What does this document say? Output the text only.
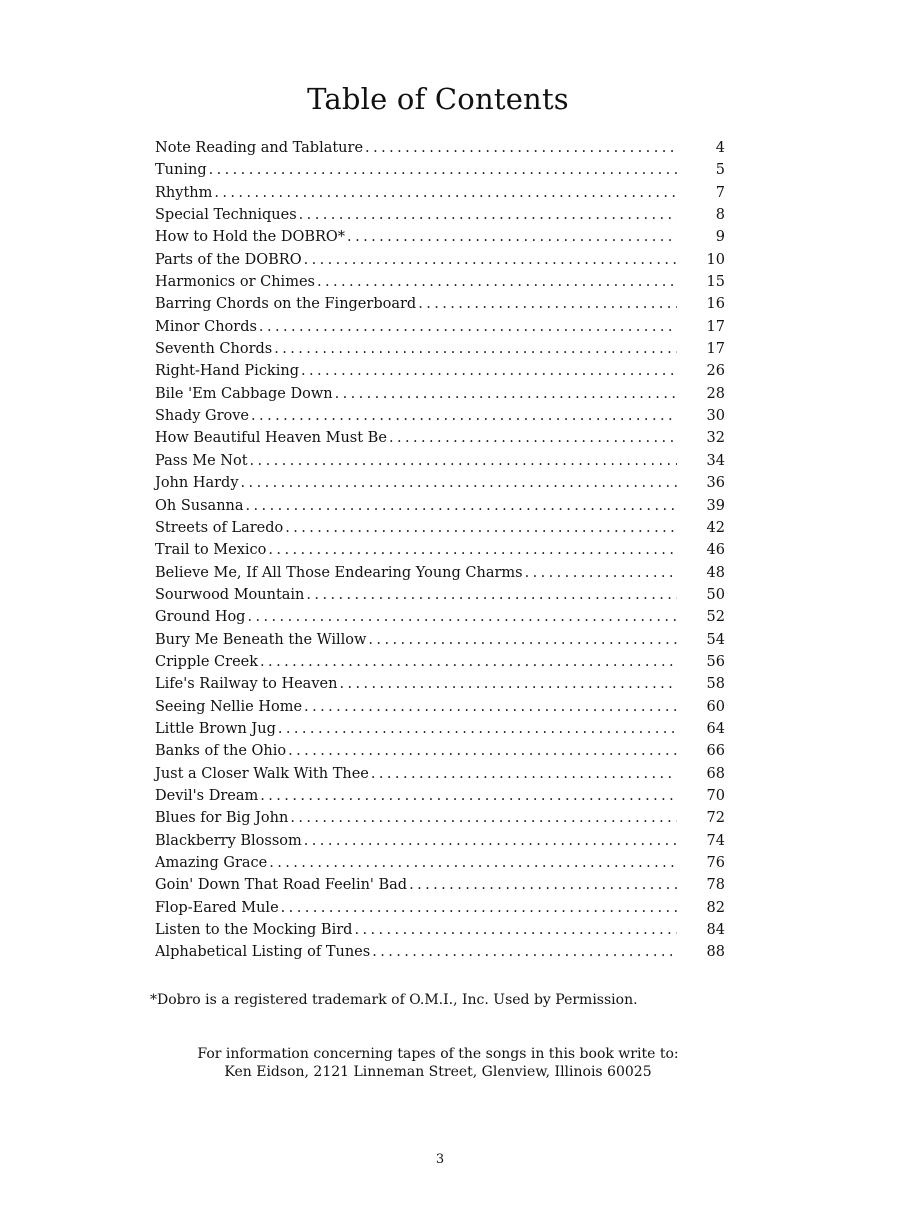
Table of Contents
Note Reading and Tablature . . .	4
Tuning . . .	5
Rhythm . . .	7
Special Techniques . . .	8
How to Hold the DOBRO* . . .	9
Parts of the DOBRO . . .	10
Harmonics or Chimes . . .	15
Barring Chords on the Fingerboard . . .	16
Minor Chords . . .	17
Seventh Chords . . .	17
Right-Hand Picking . . .	26
Bile 'Em Cabbage Down . . .	28
Shady Grove . . .	30
How Beautiful Heaven Must Be . . .	32
Pass Me Not . . .	34
John Hardy . . .	36
Oh Susanna . . .	39
Streets of Laredo . . .	42
Trail to Mexico . . .	46
Believe Me, If All Those Endearing Young Charms . . .	48
Sourwood Mountain . . .	50
Ground Hog . . .	52
Bury Me Beneath the Willow . . .	54
Cripple Creek . . .	56
Life's Railway to Heaven . . .	58
Seeing Nellie Home . . .	60
Little Brown Jug . . .	64
Banks of the Ohio . . .	66
Just a Closer Walk With Thee . . .	68
Devil's Dream . . .	70
Blues for Big John . . .	72
Blackberry Blossom . . .	74
Amazing Grace . . .	76
Goin' Down That Road Feelin' Bad . . .	78
Flop-Eared Mule . . .	82
Listen to the Mocking Bird . . .	84
Alphabetical Listing of Tunes . . .	88

*Dobro is a registered trademark of O.M.I., Inc. Used by Permission.

For information concerning tapes of the songs in this book write to:
Ken Eidson, 2121 Linneman Street, Glenview, Illinois 60025

3
